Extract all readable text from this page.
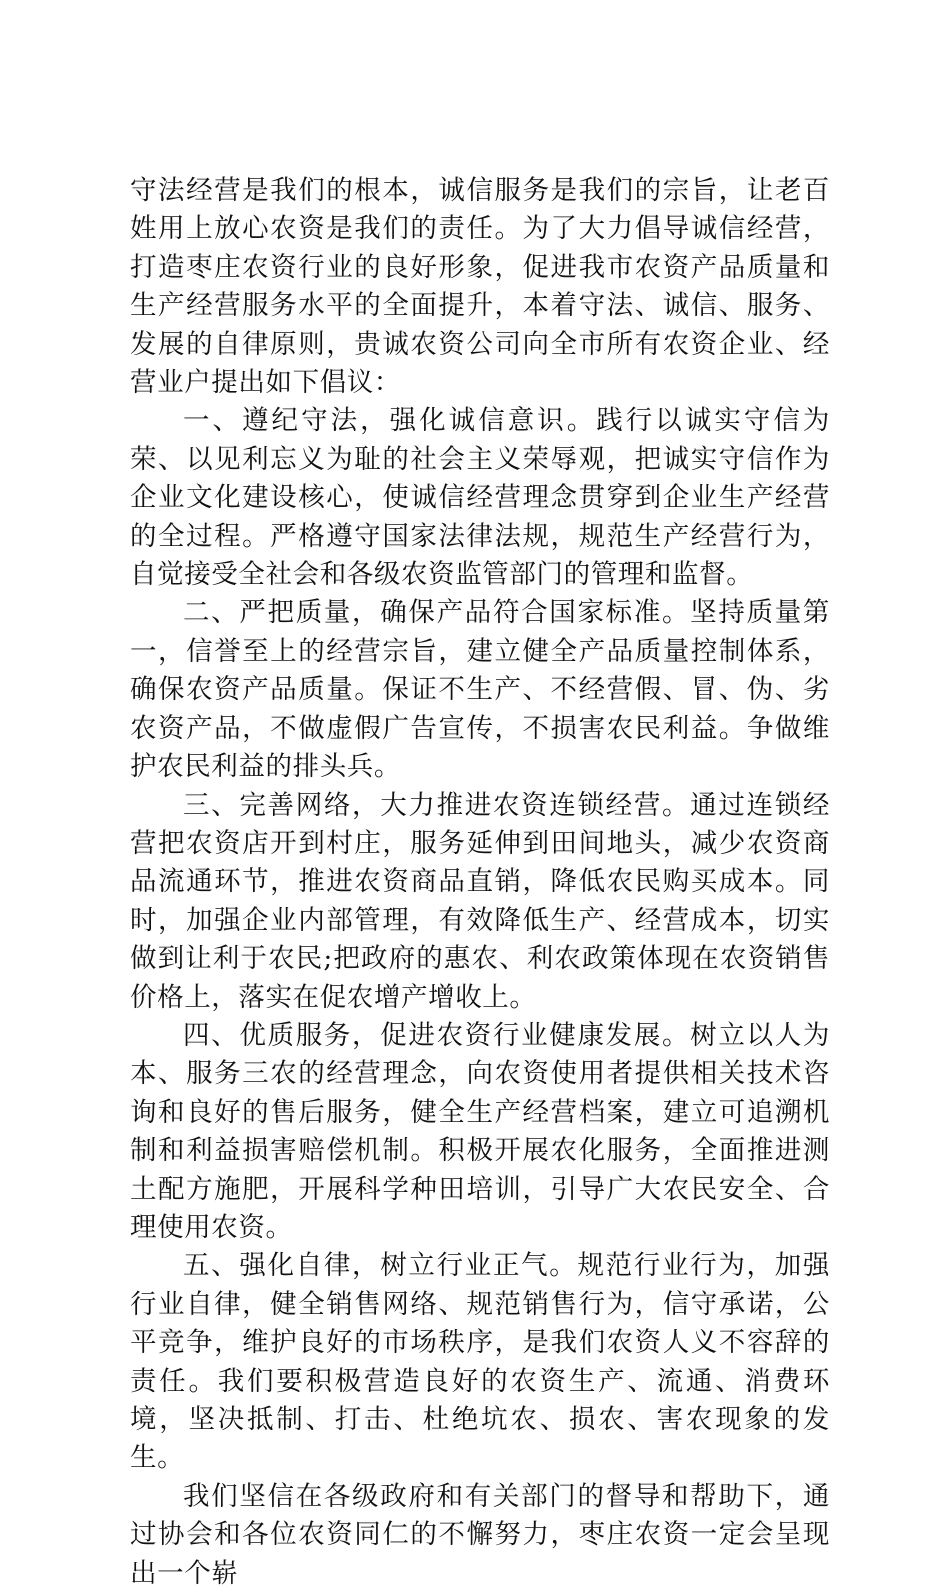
守法经营是我们的根本，诚信服务是我们的宗旨，让老百姓用上放心农资是我们的责任。为了大力倡导诚信经营，打造枣庄农资行业的良好形象，促进我市农资产品质量和生产经营服务水平的全面提升，本着守法、诚信、服务、发展的自律原则，贵诚农资公司向全市所有农资企业、经营业户提出如下倡议：

一、遵纪守法，强化诚信意识。践行以诚实守信为荣、以见利忘义为耻的社会主义荣辱观，把诚实守信作为企业文化建设核心，使诚信经营理念贯穿到企业生产经营的全过程。严格遵守国家法律法规，规范生产经营行为，自觉接受全社会和各级农资监管部门的管理和监督。

二、严把质量，确保产品符合国家标准。坚持质量第一，信誉至上的经营宗旨，建立健全产品质量控制体系，确保农资产品质量。保证不生产、不经营假、冒、伪、劣农资产品，不做虚假广告宣传，不损害农民利益。争做维护农民利益的排头兵。

三、完善网络，大力推进农资连锁经营。通过连锁经营把农资店开到村庄，服务延伸到田间地头，减少农资商品流通环节，推进农资商品直销，降低农民购买成本。同时，加强企业内部管理，有效降低生产、经营成本，切实做到让利于农民;把政府的惠农、利农政策体现在农资销售价格上，落实在促农增产增收上。

四、优质服务，促进农资行业健康发展。树立以人为本、服务三农的经营理念，向农资使用者提供相关技术咨询和良好的售后服务，健全生产经营档案，建立可追溯机制和利益损害赔偿机制。积极开展农化服务，全面推进测土配方施肥，开展科学种田培训，引导广大农民安全、合理使用农资。

五、强化自律，树立行业正气。规范行业行为，加强行业自律，健全销售网络、规范销售行为，信守承诺，公平竞争，维护良好的市场秩序，是我们农资人义不容辞的责任。我们要积极营造良好的农资生产、流通、消费环境，坚决抵制、打击、杜绝坑农、损农、害农现象的发生。

我们坚信在各级政府和有关部门的督导和帮助下，通过协会和各位农资同仁的不懈努力，枣庄农资一定会呈现出一个崭
